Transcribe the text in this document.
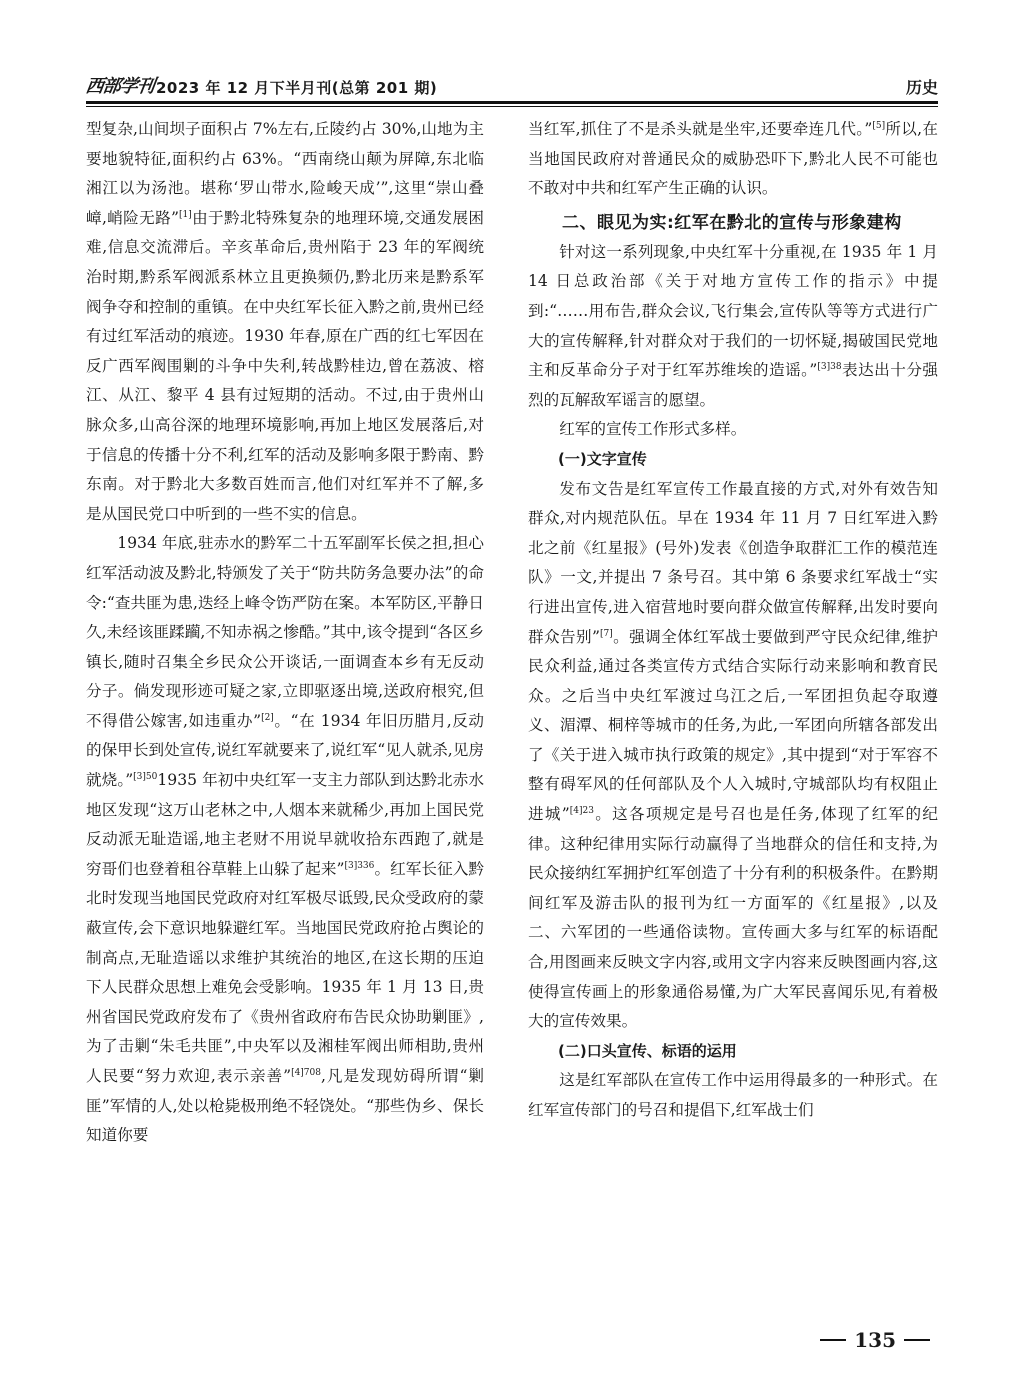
西部学刊 2023 年 12 月下半月刊(总第 201 期)	历史

型复杂,山间坝子面积占 7%左右,丘陵约占 30%,山地为主要地貌特征,面积约占 63%。“西南绕山颠为屏障,东北临湘江以为汤池。堪称‘罗山带水,险峻天成’”,这里“崇山叠嶂,峭险无路”[1]由于黔北特殊复杂的地理环境,交通发展困难,信息交流滞后。辛亥革命后,贵州陷于 23 年的军阀统治时期,黔系军阀派系林立且更换频仍,黔北历来是黔系军阀争夺和控制的重镇。在中央红军长征入黔之前,贵州已经有过红军活动的痕迹。1930 年春,原在广西的红七军因在反广西军阀围剿的斗争中失利,转战黔桂边,曾在荔波、榕江、从江、黎平 4 县有过短期的活动。不过,由于贵州山脉众多,山高谷深的地理环境影响,再加上地区发展落后,对于信息的传播十分不利,红军的活动及影响多限于黔南、黔东南。对于黔北大多数百姓而言,他们对红军并不了解,多是从国民党口中听到的一些不实的信息。

1934 年底,驻赤水的黔军二十五军副军长侯之担,担心红军活动波及黔北,特颁发了关于“防共防务急要办法”的命令:“查共匪为患,迭经上峰令饬严防在案。本军防区,平静日久,未经该匪蹂躏,不知赤祸之惨酷。”其中,该令提到“各区乡镇长,随时召集全乡民众公开谈话,一面调查本乡有无反动分子。倘发现形迹可疑之家,立即驱逐出境,送政府根究,但不得借公嫁害,如违重办”[2]。“在 1934 年旧历腊月,反动的保甲长到处宣传,说红军就要来了,说红军“见人就杀,见房就烧。”$^{[3]50}$1935 年初中央红军一支主力部队到达黔北赤水地区发现“这万山老林之中,人烟本来就稀少,再加上国民党反动派无耻造谣,地主老财不用说早就收拾东西跑了,就是穷哥们也登着租谷草鞋上山躲了起来”$^{[3]336}$。红军长征入黔北时发现当地国民党政府对红军极尽诋毁,民众受政府的蒙蔽宣传,会下意识地躲避红军。当地国民党政府抢占舆论的制高点,无耻造谣以求维护其统治的地区,在这长期的压迫下人民群众思想上难免会受影响。1935 年 1 月 13 日,贵州省国民党政府发布了《贵州省政府布告民众协助剿匪》,为了击剿“朱毛共匪”,中央军以及湘桂军阀出师相助,贵州人民要“努力欢迎,表示亲善”$^{[4]708}$,凡是发现妨碍所谓“剿匪”军情的人,处以枪毙极刑绝不轻饶处。“那些伪乡、保长知道你要

当红军,抓住了不是杀头就是坐牢,还要牵连几代。”[5]所以,在当地国民政府对普通民众的威胁恐吓下,黔北人民不可能也不敢对中共和红军产生正确的认识。

二、眼见为实:红军在黔北的宣传与形象建构

针对这一系列现象,中央红军十分重视,在 1935 年 1 月 14 日总政治部《关于对地方宣传工作的指示》中提到:“……用布告,群众会议,飞行集会,宣传队等等方式进行广大的宣传解释,针对群众对于我们的一切怀疑,揭破国民党地主和反革命分子对于红军苏维埃的造谣。”$^{[3]38}$表达出十分强烈的瓦解敌军谣言的愿望。

红军的宣传工作形式多样。

(一)文字宣传

发布文告是红军宣传工作最直接的方式,对外有效告知群众,对内规范队伍。早在 1934 年 11 月 7 日红军进入黔北之前《红星报》(号外)发表《创造争取群汇工作的模范连队》一文,并提出 7 条号召。其中第 6 条要求红军战士“实行进出宣传,进入宿营地时要向群众做宣传解释,出发时要向群众告别”[7]。强调全体红军战士要做到严守民众纪律,维护民众利益,通过各类宣传方式结合实际行动来影响和教育民众。之后当中央红军渡过乌江之后,一军团担负起夺取遵义、湄潭、桐梓等城市的任务,为此,一军团向所辖各部发出了《关于进入城市执行政策的规定》,其中提到“对于军容不整有碍军风的任何部队及个人入城时,守城部队均有权阻止进城”$^{[4]23}$。这各项规定是号召也是任务,体现了红军的纪律。这种纪律用实际行动赢得了当地群众的信任和支持,为民众接纳红军拥护红军创造了十分有利的积极条件。在黔期间红军及游击队的报刊为红一方面军的《红星报》,以及二、六军团的一些通俗读物。宣传画大多与红军的标语配合,用图画来反映文字内容,或用文字内容来反映图画内容,这使得宣传画上的形象通俗易懂,为广大军民喜闻乐见,有着极大的宣传效果。

(二)口头宣传、标语的运用

这是红军部队在宣传工作中运用得最多的一种形式。在红军宣传部门的号召和提倡下,红军战士们

135
